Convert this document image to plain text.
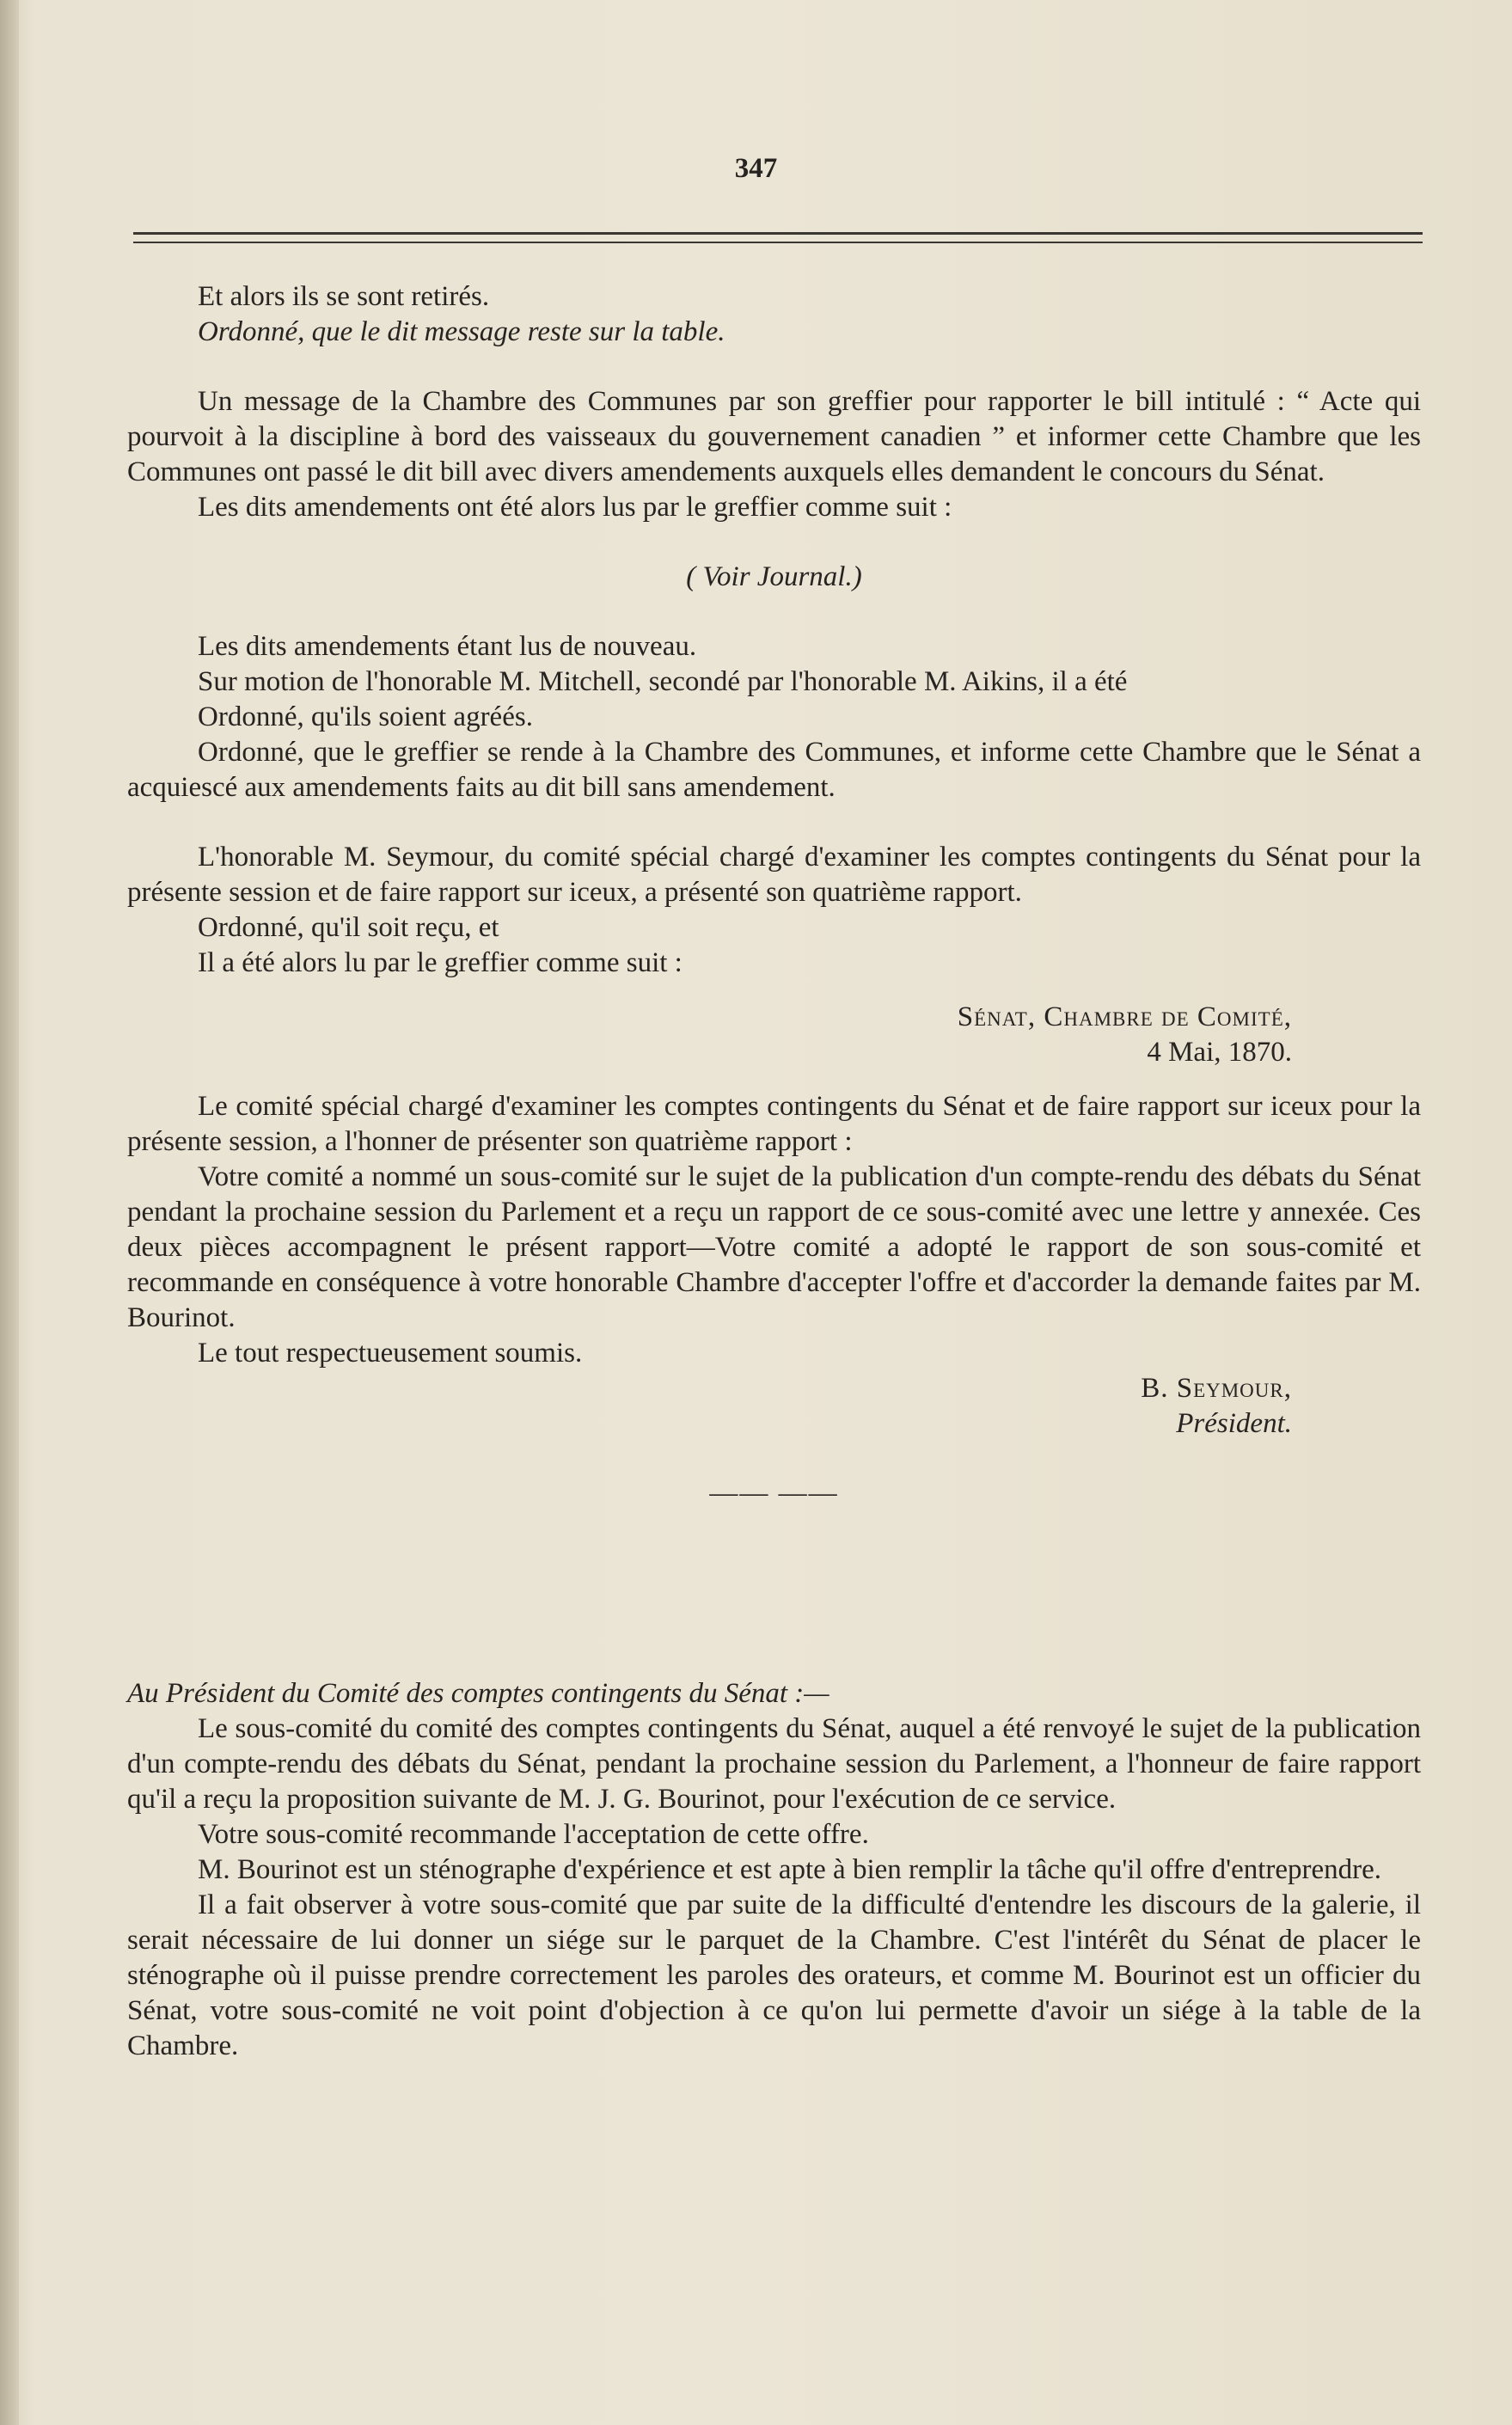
347

Et alors ils se sont retirés.

Ordonné, que le dit message reste sur la table.

Un message de la Chambre des Communes par son greffier pour rapporter le bill intitulé : “ Acte qui pourvoit à la discipline à bord des vaisseaux du gouvernement canadien ” et informer cette Chambre que les Communes ont passé le dit bill avec divers amendements auxquels elles demandent le concours du Sénat.

Les dits amendements ont été alors lus par le greffier comme suit :

( Voir Journal.)

Les dits amendements étant lus de nouveau.

Sur motion de l'honorable M. Mitchell, secondé par l'honorable M. Aikins, il a été

Ordonné, qu'ils soient agréés.

Ordonné, que le greffier se rende à la Chambre des Communes, et informe cette Chambre que le Sénat a acquiescé aux amendements faits au dit bill sans amendement.

L'honorable M. Seymour, du comité spécial chargé d'examiner les comptes contingents du Sénat pour la présente session et de faire rapport sur iceux, a présenté son quatrième rapport.

Ordonné, qu'il soit reçu, et

Il a été alors lu par le greffier comme suit :

Sénat, Chambre de Comité,

4 Mai, 1870.

Le comité spécial chargé d'examiner les comptes contingents du Sénat et de faire rapport sur iceux pour la présente session, a l'honner de présenter son quatrième rapport :

Votre comité a nommé un sous-comité sur le sujet de la publication d'un compte-rendu des débats du Sénat pendant la prochaine session du Parlement et a reçu un rapport de ce sous-comité avec une lettre y annexée. Ces deux pièces accompagnent le présent rapport—Votre comité a adopté le rapport de son sous-comité et recommande en conséquence à votre honorable Chambre d'accepter l'offre et d'accorder la demande faites par M. Bourinot.

Le tout respectueusement soumis.

B. Seymour,

Président.

—— ——

Au Président du Comité des comptes contingents du Sénat :—

Le sous-comité du comité des comptes contingents du Sénat, auquel a été renvoyé le sujet de la publication d'un compte-rendu des débats du Sénat, pendant la prochaine session du Parlement, a l'honneur de faire rapport qu'il a reçu la proposition suivante de M. J. G. Bourinot, pour l'exécution de ce service.

Votre sous-comité recommande l'acceptation de cette offre.

M. Bourinot est un sténographe d'expérience et est apte à bien remplir la tâche qu'il offre d'entreprendre.

Il a fait observer à votre sous-comité que par suite de la difficulté d'entendre les discours de la galerie, il serait nécessaire de lui donner un siége sur le parquet de la Chambre. C'est l'intérêt du Sénat de placer le sténographe où il puisse prendre correctement les paroles des orateurs, et comme M. Bourinot est un officier du Sénat, votre sous-comité ne voit point d'objection à ce qu'on lui permette d'avoir un siége à la table de la Chambre.
